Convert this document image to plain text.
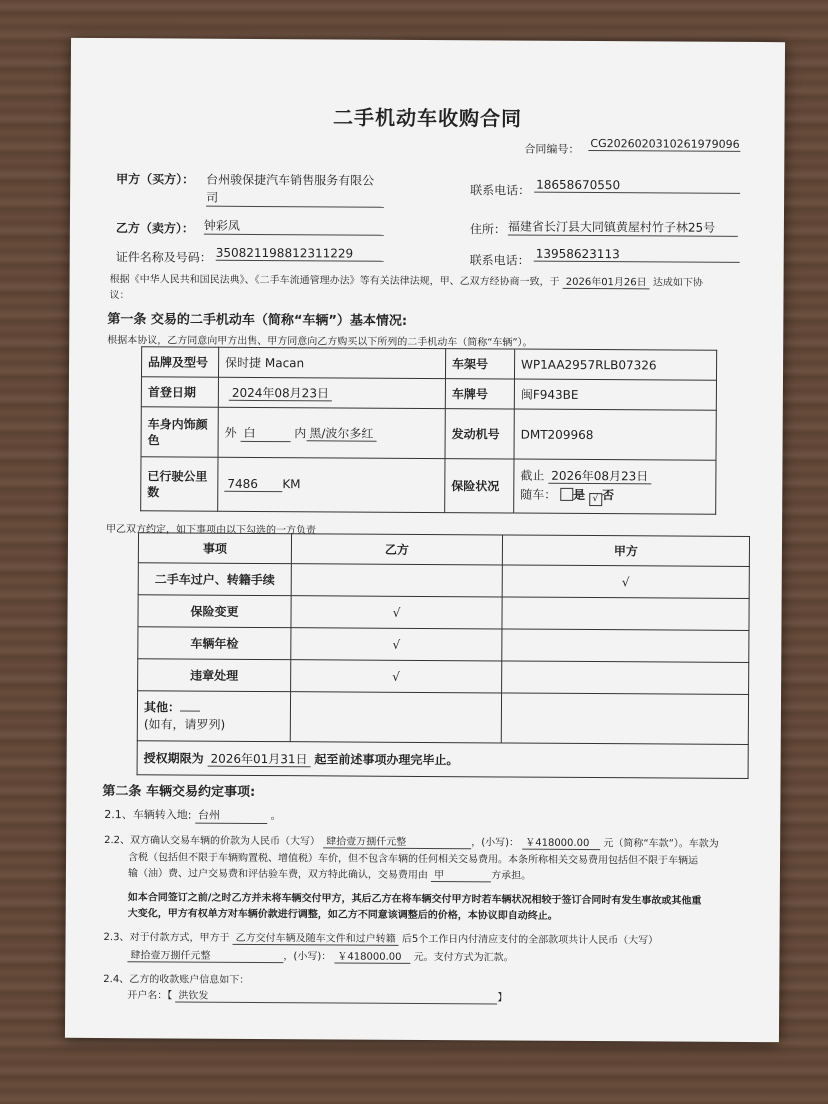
二手机动车收购合同
合同编号： CG2026020310261979096
甲方（买方）： 台州骏保捷汽车销售服务有限公
司
联系电话： 18658670550
乙方（卖方）： 钟彩凤	住所： 福建省长汀县大同镇黄屋村竹子林25号
证件名称及号码： 350821198812311229	联系电话： 13958623113
根据《中华人民共和国民法典》、《二手车流通管理办法》等有关法律法规，甲、乙双方经协商一致，于 2026年01月26日 达成如下协
议：
第一条 交易的二手机动车（简称“车辆”）基本情况:
根据本协议，乙方同意向甲方出售、甲方同意向乙方购买以下所列的二手机动车（简称“车辆”）。
品牌及型号	保时捷 Macan	车架号	WP1AA2957RLB07326
首登日期	2024年08月23日	车牌号	闽F943BE
车身内饰颜
色	外 白 内 黑/波尔多红	发动机号	DMT209968
已行驶公里
数	7486 KM	保险状况	截止 2026年08月23日
随车： 是 √ 否
甲乙双方约定，如下事项由以下勾选的一方负责
事项	乙方	甲方
二手车过户、转籍手续		√
保险变更	√	
车辆年检	√	
违章处理	√	
其他：
(如有，请罗列)		
授权期限为 2026年01月31日 起至前述事项办理完毕止。		
第二条 车辆交易约定事项:
2.1、车辆转入地: 台州	。
2.2、双方确认交易车辆的价款为人民币（大写） 肆拾壹万捌仟元整	，(小写)： ￥418000.00 元（简称“车款”）。车款为
含税（包括但不限于车辆购置税、增值税）车价，但不包含车辆的任何相关交易费用。本条所称相关交易费用包括但不限于车辆运
输（油）费、过户交易费和评估验车费，双方特此确认，交易费用由 甲	方承担。
如本合同签订之前/之时乙方并未将车辆交付甲方，其后乙方在将车辆交付甲方时若车辆状况相较于签订合同时有发生事故或其他重
大变化，甲方有权单方对车辆价款进行调整，如乙方不同意该调整后的价格，本协议即自动终止。
2.3、对于付款方式，甲方于 乙方交付车辆及随车文件和过户转籍 后5个工作日内付清应支付的全部款项共计人民币（大写）
肆拾壹万捌仟元整	，(小写)： ￥418000.00 元。支付方式为汇款。
2.4、乙方的收款账户信息如下：
开户名：【 洪钦发	】
